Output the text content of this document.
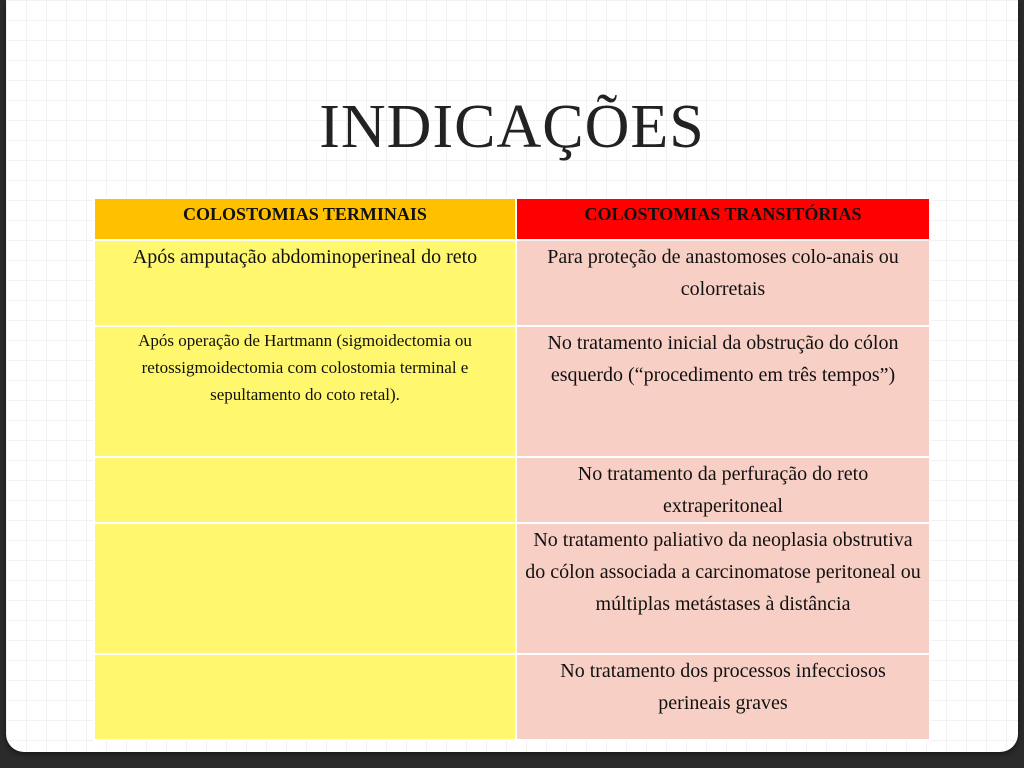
INDICAÇÕES
COLOSTOMIAS TERMINAIS	COLOSTOMIAS TRANSITÓRIAS
Após amputação abdominoperineal do reto	Para proteção de anastomoses colo-anais ou colorretais
Após operação de Hartmann (sigmoidectomia ou retossigmoidectomia com colostomia terminal e sepultamento do coto retal).	No tratamento inicial da obstrução do cólon esquerdo (“procedimento em três tempos”)
	No tratamento da perfuração do reto extraperitoneal
	No tratamento paliativo da neoplasia obstrutiva do cólon associada a carcinomatose peritoneal ou múltiplas metástases à distância
	No tratamento dos processos infecciosos perineais graves
